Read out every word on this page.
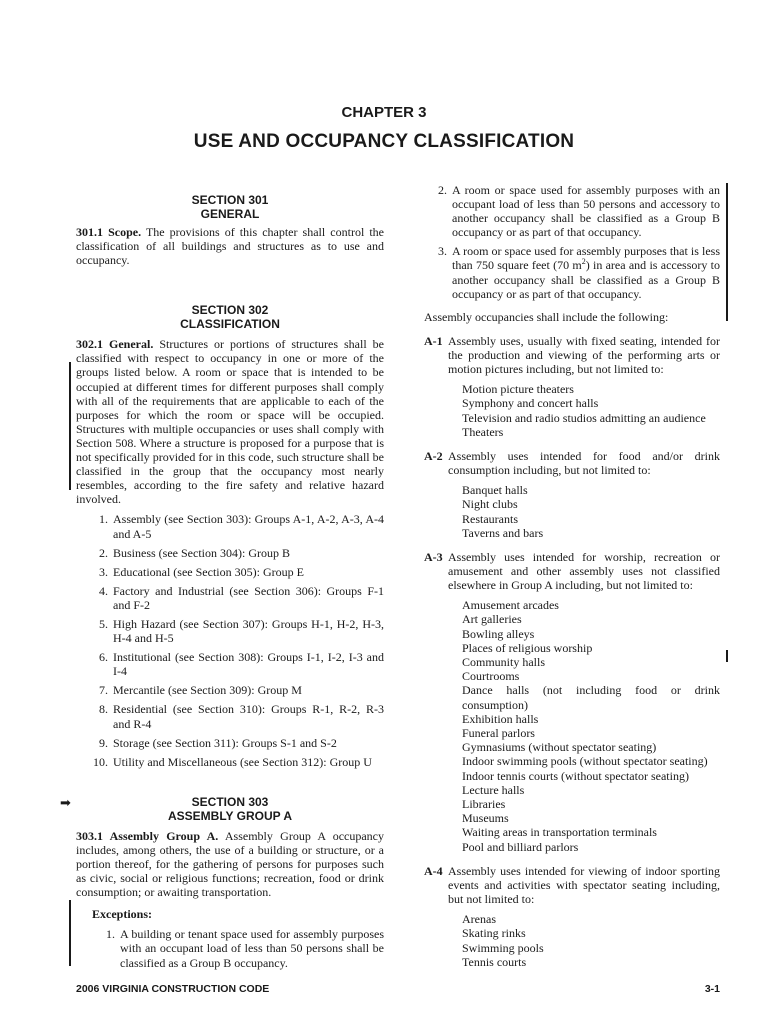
CHAPTER 3
USE AND OCCUPANCY CLASSIFICATION
SECTION 301
GENERAL
301.1 Scope. The provisions of this chapter shall control the classification of all buildings and structures as to use and occupancy.
SECTION 302
CLASSIFICATION
302.1 General. Structures or portions of structures shall be classified with respect to occupancy in one or more of the groups listed below. A room or space that is intended to be occupied at different times for different purposes shall comply with all of the requirements that are applicable to each of the purposes for which the room or space will be occupied. Structures with multiple occupancies or uses shall comply with Section 508. Where a structure is proposed for a purpose that is not specifically provided for in this code, such structure shall be classified in the group that the occupancy most nearly resembles, according to the fire safety and relative hazard involved.
1. Assembly (see Section 303): Groups A-1, A-2, A-3, A-4 and A-5
2. Business (see Section 304): Group B
3. Educational (see Section 305): Group E
4. Factory and Industrial (see Section 306): Groups F-1 and F-2
5. High Hazard (see Section 307): Groups H-1, H-2, H-3, H-4 and H-5
6. Institutional (see Section 308): Groups I-1, I-2, I-3 and I-4
7. Mercantile (see Section 309): Group M
8. Residential (see Section 310): Groups R-1, R-2, R-3 and R-4
9. Storage (see Section 311): Groups S-1 and S-2
10. Utility and Miscellaneous (see Section 312): Group U
SECTION 303
ASSEMBLY GROUP A
303.1 Assembly Group A. Assembly Group A occupancy includes, among others, the use of a building or structure, or a portion thereof, for the gathering of persons for purposes such as civic, social or religious functions; recreation, food or drink consumption; or awaiting transportation.
Exceptions:
1. A building or tenant space used for assembly purposes with an occupant load of less than 50 persons shall be classified as a Group B occupancy.
2. A room or space used for assembly purposes with an occupant load of less than 50 persons and accessory to another occupancy shall be classified as a Group B occupancy or as part of that occupancy.
3. A room or space used for assembly purposes that is less than 750 square feet (70 $m^2$) in area and is accessory to another occupancy shall be classified as a Group B occupancy or as part of that occupancy.
Assembly occupancies shall include the following:
A-1 Assembly uses, usually with fixed seating, intended for the production and viewing of the performing arts or motion pictures including, but not limited to:
Motion picture theaters
Symphony and concert halls
Television and radio studios admitting an audience
Theaters
A-2 Assembly uses intended for food and/or drink consumption including, but not limited to:
Banquet halls
Night clubs
Restaurants
Taverns and bars
A-3 Assembly uses intended for worship, recreation or amusement and other assembly uses not classified elsewhere in Group A including, but not limited to:
Amusement arcades
Art galleries
Bowling alleys
Places of religious worship
Community halls
Courtrooms
Dance halls (not including food or drink consumption)
Exhibition halls
Funeral parlors
Gymnasiums (without spectator seating)
Indoor swimming pools (without spectator seating)
Indoor tennis courts (without spectator seating)
Lecture halls
Libraries
Museums
Waiting areas in transportation terminals
Pool and billiard parlors
A-4 Assembly uses intended for viewing of indoor sporting events and activities with spectator seating including, but not limited to:
Arenas
Skating rinks
Swimming pools
Tennis courts
➡
2006 VIRGINIA CONSTRUCTION CODE	3-1
